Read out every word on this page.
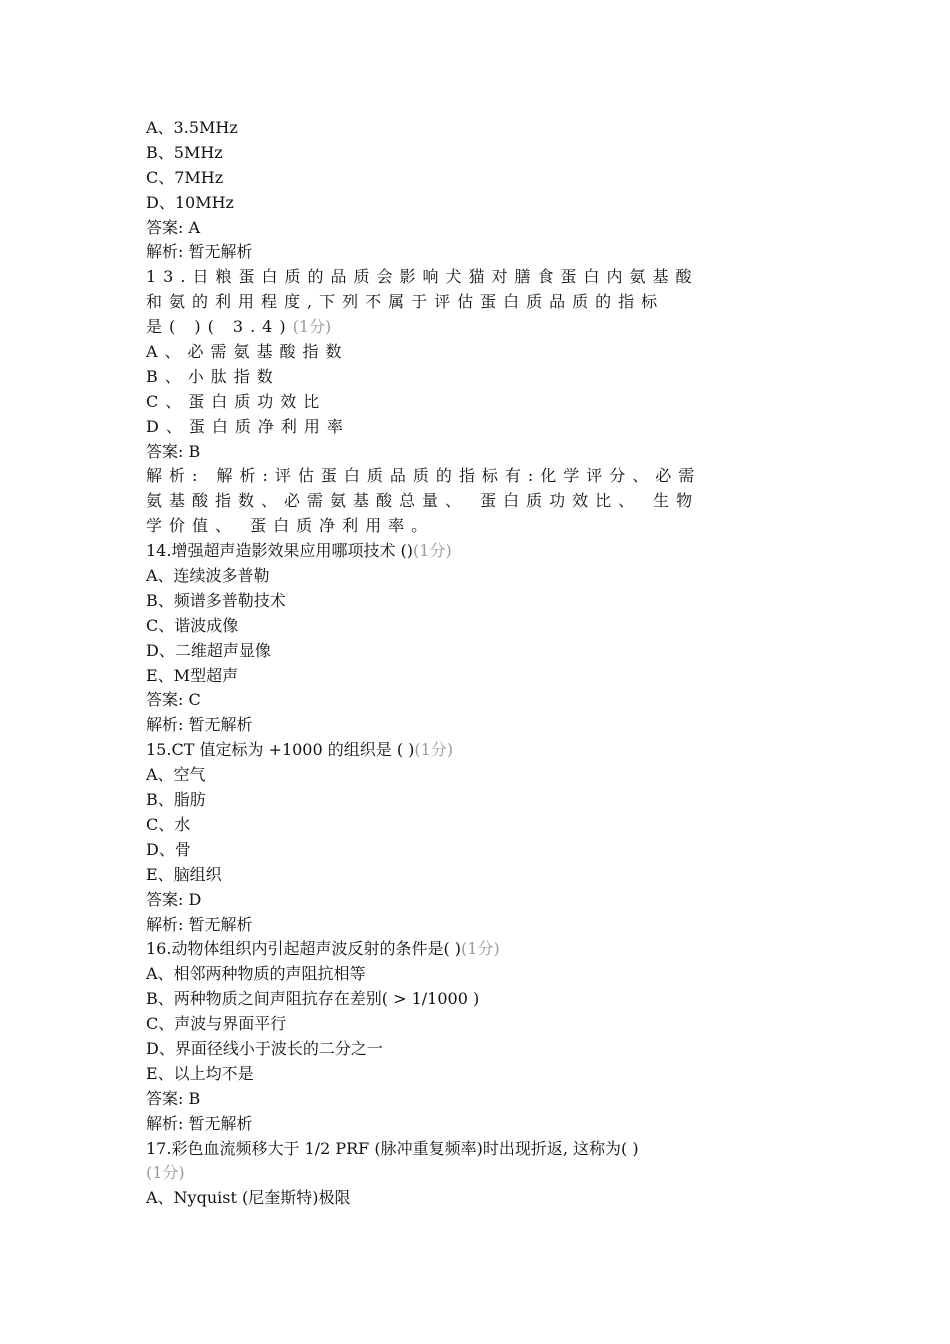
A、3.5MHz
B、5MHz
C、7MHz
D、10MHz
答案: A
解析: 暂无解析
13.日粮蛋白质的品质会影响犬猫对膳食蛋白内氨基酸
和氨的利用程度,下列不属于评估蛋白质品质的指标
是( )( 3.4)(1分)
A、必需氨基酸指数
B、小肽指数
C、蛋白质功效比
D、蛋白质净利用率
答案: B
解析: 解析:评估蛋白质品质的指标有:化学评分、必需
氨基酸指数、必需氨基酸总量、 蛋白质功效比、 生物
学价值、 蛋白质净利用率。
14.增强超声造影效果应用哪项技术 ()(1分)
A、连续波多普勒
B、频谱多普勒技术
C、谐波成像
D、二维超声显像
E、M型超声
答案: C
解析: 暂无解析
15.CT 值定标为 +1000 的组织是 ( )(1分)
A、空气
B、脂肪
C、水
D、骨
E、脑组织
答案: D
解析: 暂无解析
16.动物体组织内引起超声波反射的条件是( )(1分)
A、相邻两种物质的声阻抗相等
B、两种物质之间声阻抗存在差别( > 1/1000 )
C、声波与界面平行
D、界面径线小于波长的二分之一
E、以上均不是
答案: B
解析: 暂无解析
17.彩色血流频移大于 1/2 PRF (脉冲重复频率)时出现折返, 这称为( )
(1分)
A、Nyquist (尼奎斯特)极限
